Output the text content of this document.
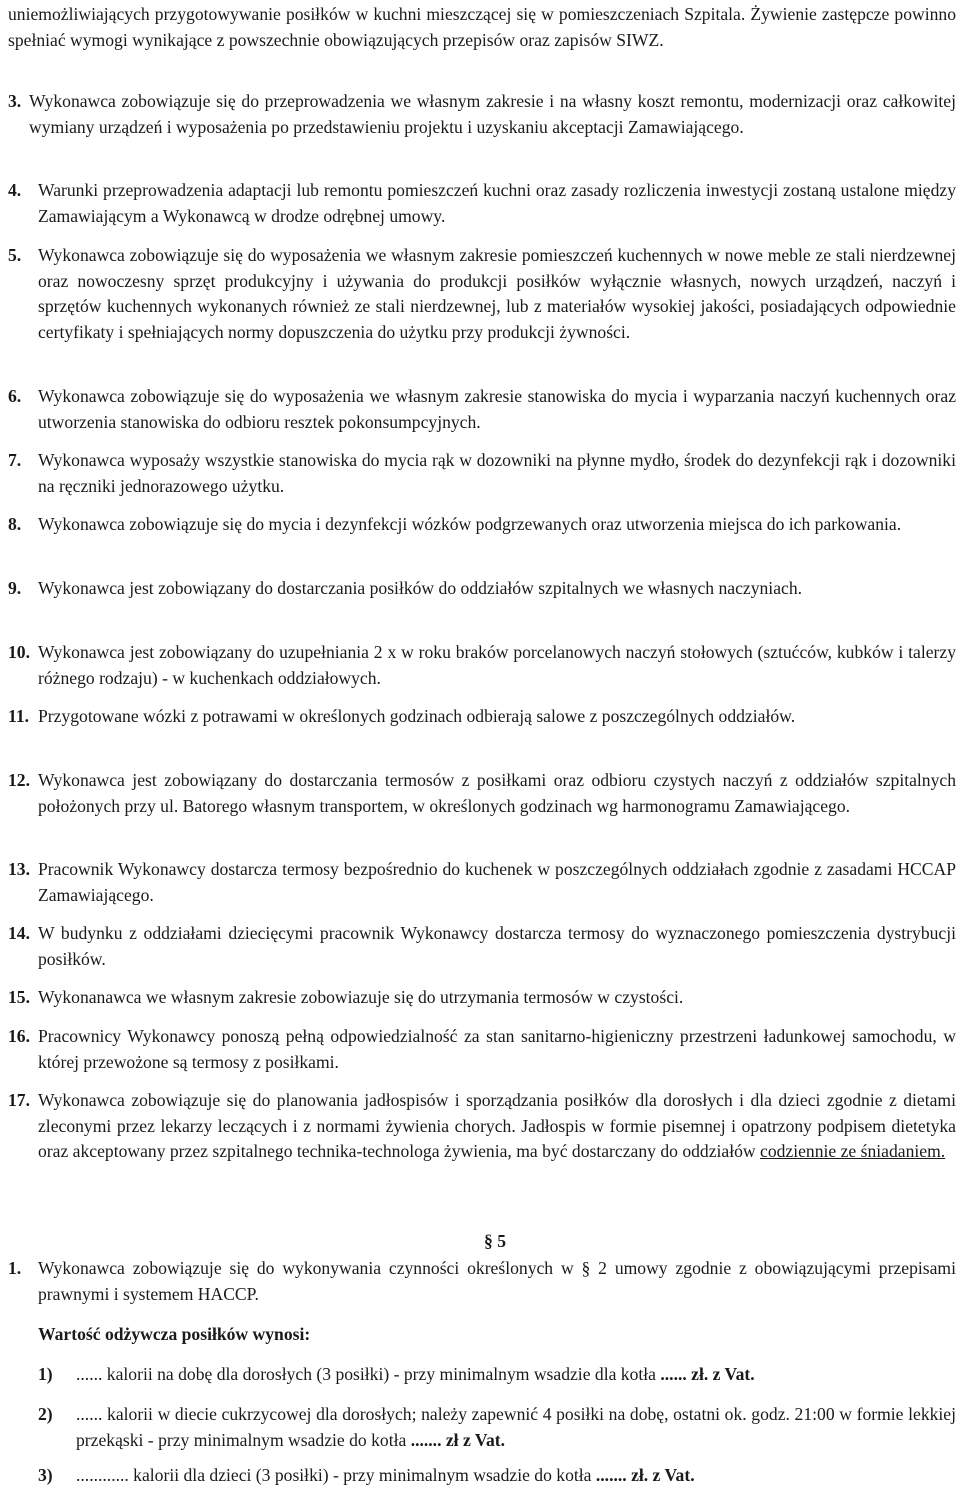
uniemożliwiających przygotowywanie posiłków w kuchni mieszczącej się w pomieszczeniach Szpitala. Żywienie zastępcze powinno spełniać wymogi wynikające z powszechnie obowiązujących przepisów oraz zapisów SIWZ.
3. Wykonawca zobowiązuje się do przeprowadzenia we własnym zakresie i na własny koszt remontu, modernizacji oraz całkowitej wymiany urządzeń i wyposażenia po przedstawieniu projektu i uzyskaniu akceptacji Zamawiającego.
4. Warunki przeprowadzenia adaptacji lub remontu pomieszczeń kuchni oraz zasady rozliczenia inwestycji zostaną ustalone między Zamawiającym a Wykonawcą w drodze odrębnej umowy.
5. Wykonawca zobowiązuje się do wyposażenia we własnym zakresie pomieszczeń kuchennych w nowe meble ze stali nierdzewnej oraz nowoczesny sprzęt produkcyjny i używania do produkcji posiłków wyłącznie własnych, nowych urządzeń, naczyń i sprzętów kuchennych wykonanych również ze stali nierdzewnej, lub z materiałów wysokiej jakości, posiadających odpowiednie certyfikaty i spełniających normy dopuszczenia do użytku przy produkcji żywności.
6. Wykonawca zobowiązuje się do wyposażenia we własnym zakresie stanowiska do mycia i wyparzania naczyń kuchennych oraz utworzenia stanowiska do odbioru resztek pokonsumpcyjnych.
7. Wykonawca wyposaży wszystkie stanowiska do mycia rąk w dozowniki na płynne mydło, środek do dezynfekcji rąk i dozowniki na ręczniki jednorazowego użytku.
8. Wykonawca zobowiązuje się do mycia i dezynfekcji wózków podgrzewanych oraz utworzenia miejsca do ich parkowania.
9. Wykonawca jest zobowiązany do dostarczania posiłków do oddziałów szpitalnych we własnych naczyniach.
10. Wykonawca jest zobowiązany do uzupełniania 2 x w roku braków porcelanowych naczyń stołowych (sztućców, kubków i talerzy różnego rodzaju) - w kuchenkach oddziałowych.
11. Przygotowane wózki z potrawami w określonych godzinach odbierają salowe z poszczególnych oddziałów.
12. Wykonawca jest zobowiązany do dostarczania termosów z posiłkami oraz odbioru czystych naczyń z oddziałów szpitalnych położonych przy ul. Batorego własnym transportem, w określonych godzinach wg harmonogramu Zamawiającego.
13. Pracownik Wykonawcy dostarcza termosy bezpośrednio do kuchenek w poszczególnych oddziałach zgodnie z zasadami HCCAP Zamawiającego.
14. W budynku z oddziałami dziecięcymi pracownik Wykonawcy dostarcza termosy do wyznaczonego pomieszczenia dystrybucji posiłków.
15. Wykonanawca we własnym zakresie zobowiazuje się do utrzymania termosów w czystości.
16. Pracownicy Wykonawcy ponoszą pełną odpowiedzialność za stan sanitarno-higieniczny przestrzeni ładunkowej samochodu, w której przewożone są termosy z posiłkami.
17. Wykonawca zobowiązuje się do planowania jadłospisów i sporządzania posiłków dla dorosłych i dla dzieci zgodnie z dietami zleconymi przez lekarzy leczących i z normami żywienia chorych. Jadłospis w formie pisemnej i opatrzony podpisem dietetyka oraz akceptowany przez szpitalnego technika-technologa żywienia, ma być dostarczany do oddziałów codziennie ze śniadaniem.
§ 5
1. Wykonawca zobowiązuje się do wykonywania czynności określonych w § 2 umowy zgodnie z obowiązującymi przepisami prawnymi i systemem HACCP.
Wartość odżywcza posiłków wynosi:
1) ...... kalorii na dobę dla dorosłych (3 posiłki) - przy minimalnym wsadzie dla kotła ...... zł. z Vat.
2) ...... kalorii w diecie cukrzycowej dla dorosłych; należy zapewnić 4 posiłki na dobę, ostatni ok. godz. 21:00 w formie lekkiej przekąski - przy minimalnym wsadzie do kotła ....... zł z Vat.
3) ............ kalorii dla dzieci (3 posiłki) - przy minimalnym wsadzie do kotła ....... zł. z Vat.
